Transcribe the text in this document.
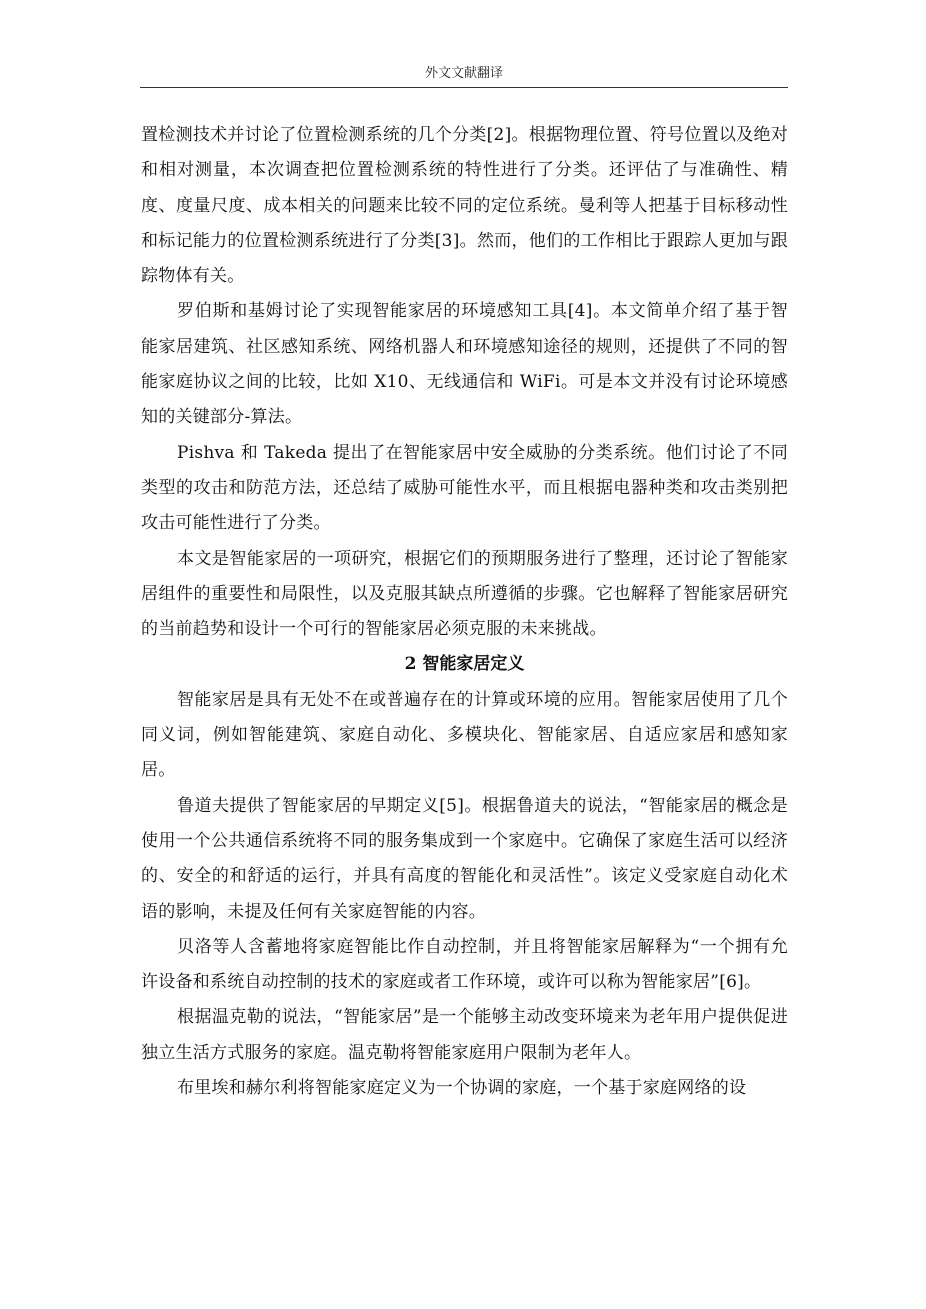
外文文献翻译

置检测技术并讨论了位置检测系统的几个分类[2]。根据物理位置、符号位置以及绝对和相对测量，本次调查把位置检测系统的特性进行了分类。还评估了与准确性、精度、度量尺度、成本相关的问题来比较不同的定位系统。曼利等人把基于目标移动性和标记能力的位置检测系统进行了分类[3]。然而，他们的工作相比于跟踪人更加与跟踪物体有关。

罗伯斯和基姆讨论了实现智能家居的环境感知工具[4]。本文简单介绍了基于智能家居建筑、社区感知系统、网络机器人和环境感知途径的规则，还提供了不同的智能家庭协议之间的比较，比如 X10、无线通信和 WiFi。可是本文并没有讨论环境感知的关键部分-算法。

Pishva 和 Takeda 提出了在智能家居中安全威胁的分类系统。他们讨论了不同类型的攻击和防范方法，还总结了威胁可能性水平，而且根据电器种类和攻击类别把攻击可能性进行了分类。

本文是智能家居的一项研究，根据它们的预期服务进行了整理，还讨论了智能家居组件的重要性和局限性，以及克服其缺点所遵循的步骤。它也解释了智能家居研究的当前趋势和设计一个可行的智能家居必须克服的未来挑战。

2 智能家居定义

智能家居是具有无处不在或普遍存在的计算或环境的应用。智能家居使用了几个同义词，例如智能建筑、家庭自动化、多模块化、智能家居、自适应家居和感知家居。

鲁道夫提供了智能家居的早期定义[5]。根据鲁道夫的说法，“智能家居的概念是使用一个公共通信系统将不同的服务集成到一个家庭中。它确保了家庭生活可以经济的、安全的和舒适的运行，并具有高度的智能化和灵活性”。该定义受家庭自动化术语的影响，未提及任何有关家庭智能的内容。

贝洛等人含蓄地将家庭智能比作自动控制，并且将智能家居解释为“一个拥有允许设备和系统自动控制的技术的家庭或者工作环境，或许可以称为智能家居”[6]。

根据温克勒的说法，“智能家居”是一个能够主动改变环境来为老年用户提供促进独立生活方式服务的家庭。温克勒将智能家庭用户限制为老年人。

布里埃和赫尔利将智能家庭定义为一个协调的家庭，一个基于家庭网络的设
